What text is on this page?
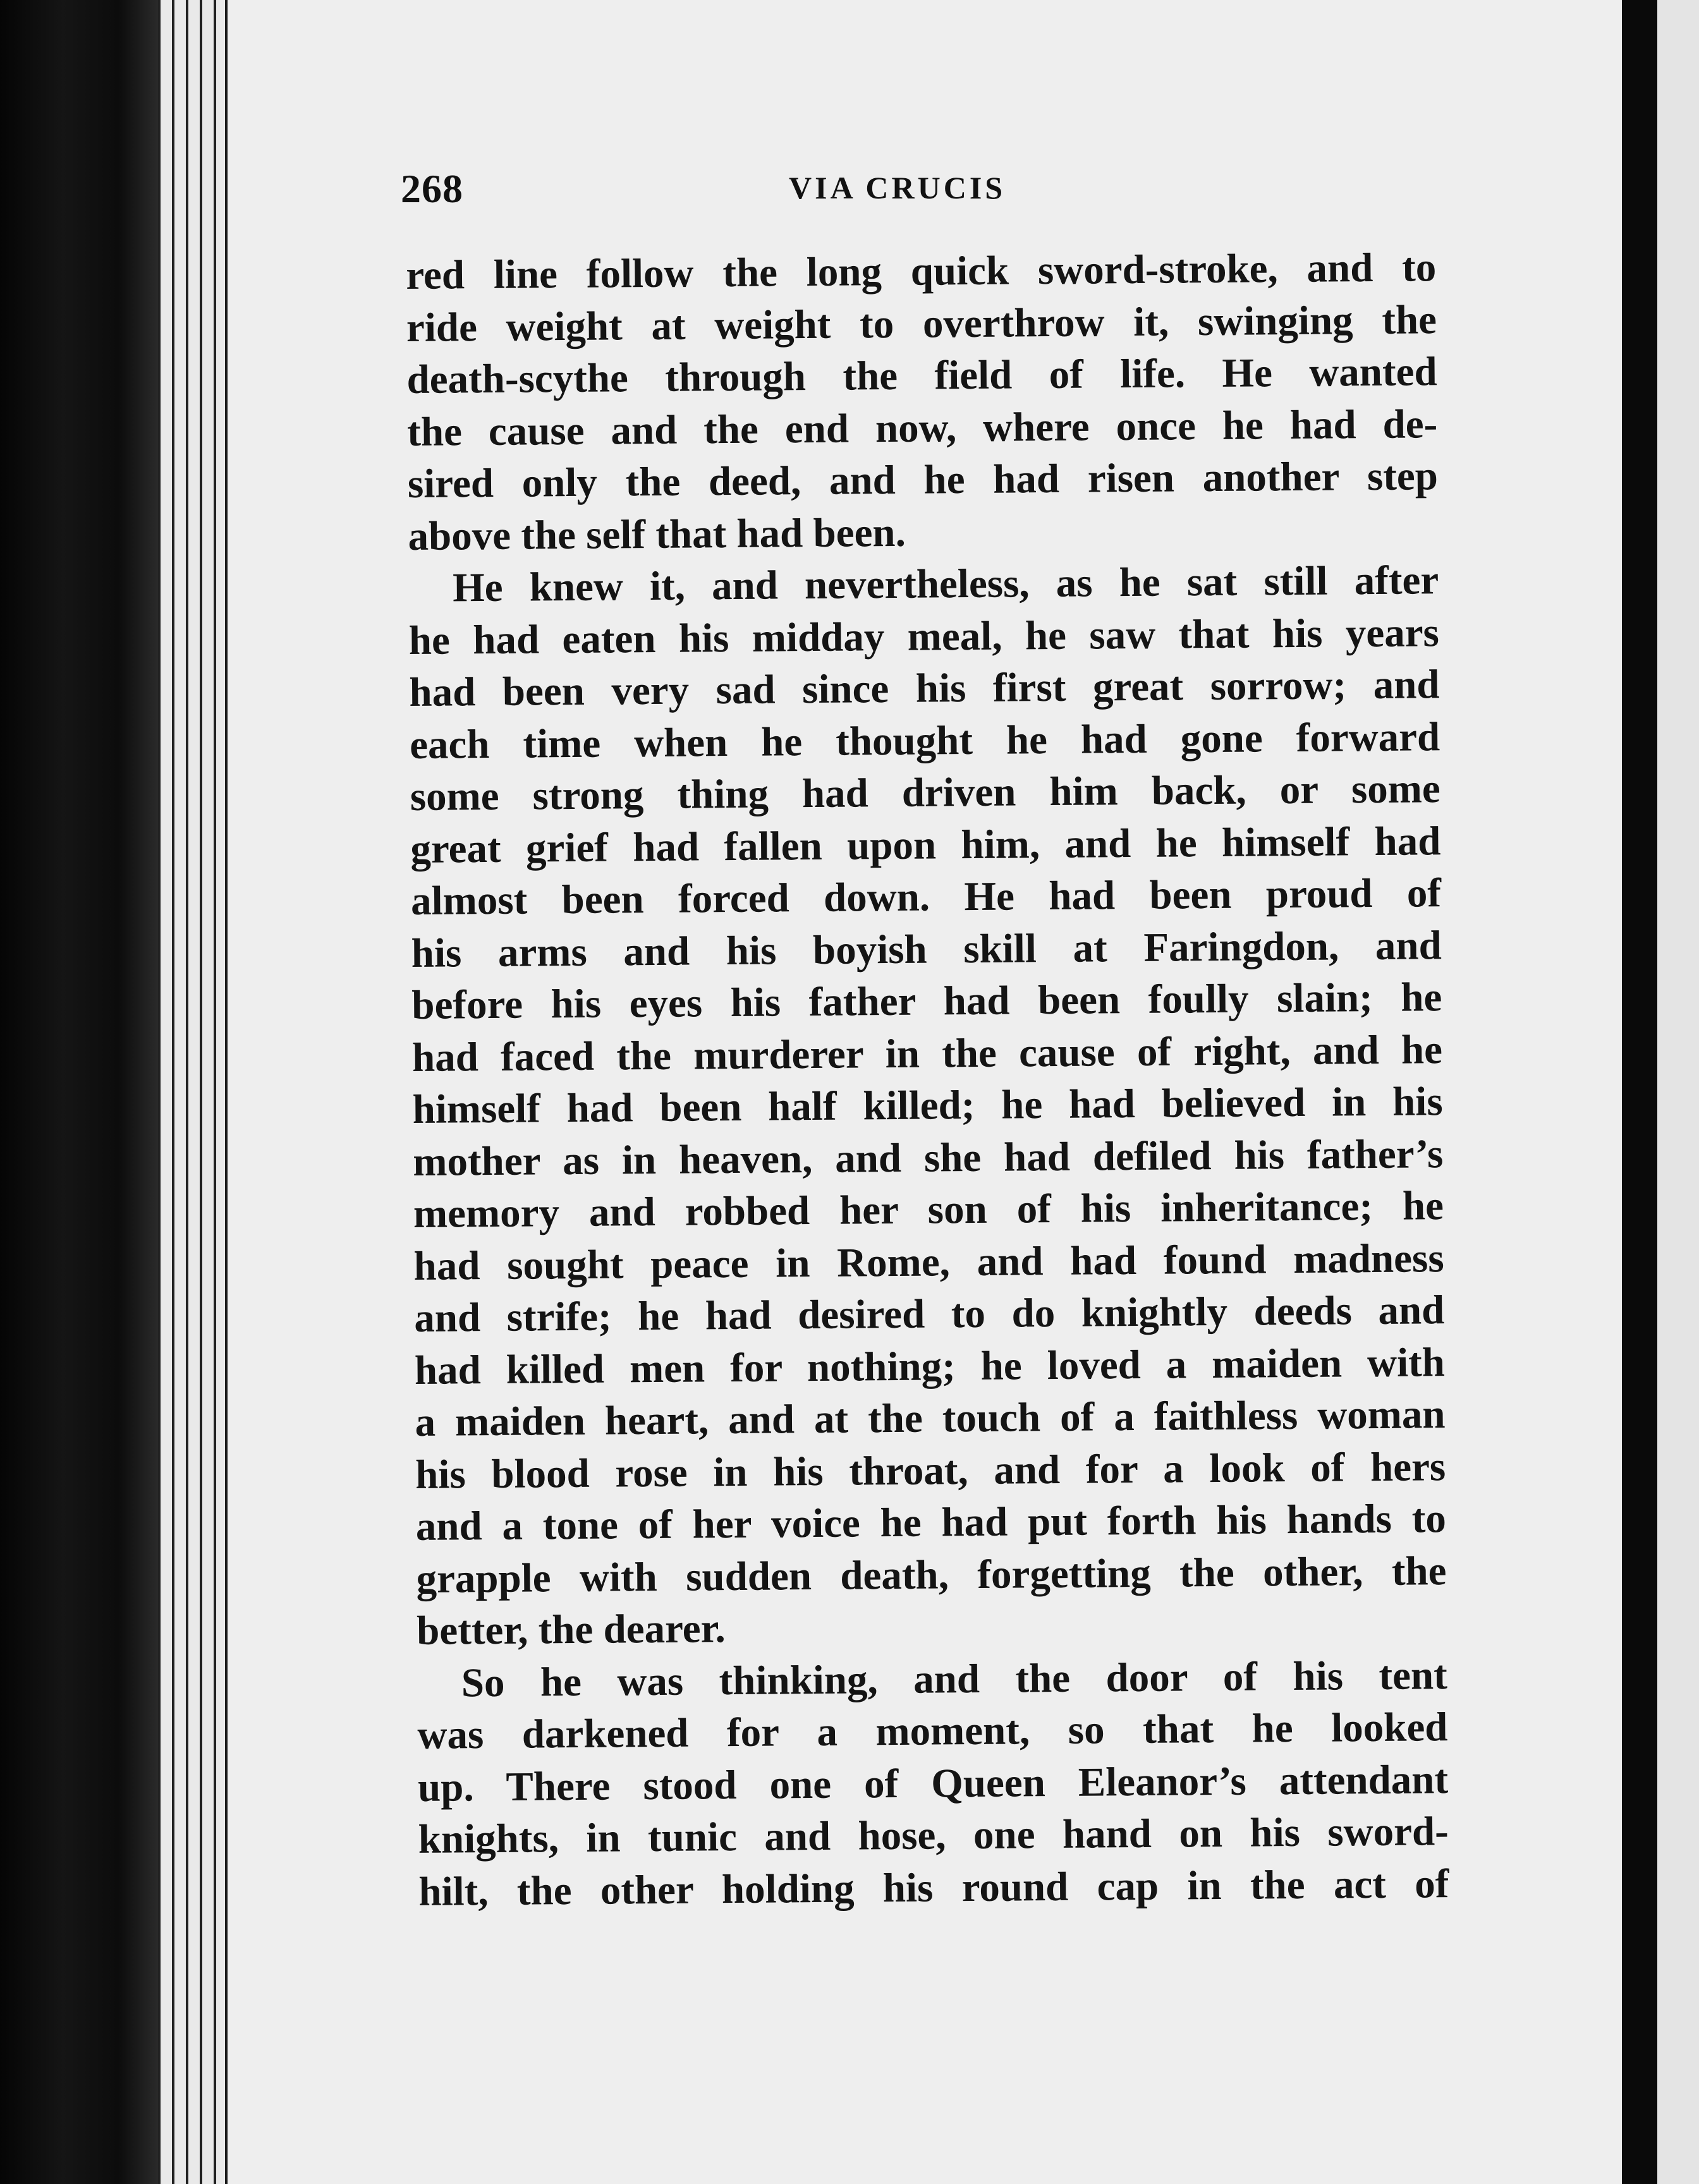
268	VIA CRUCIS
red line follow the long quick sword-stroke, and to
ride weight at weight to overthrow it, swinging the
death-scythe through the field of life. He wanted
the cause and the end now, where once he had de-
sired only the deed, and he had risen another step
above the self that had been.
He knew it, and nevertheless, as he sat still after
he had eaten his midday meal, he saw that his years
had been very sad since his first great sorrow; and
each time when he thought he had gone forward
some strong thing had driven him back, or some
great grief had fallen upon him, and he himself had
almost been forced down. He had been proud of
his arms and his boyish skill at Faringdon, and
before his eyes his father had been foully slain; he
had faced the murderer in the cause of right, and he
himself had been half killed; he had believed in his
mother as in heaven, and she had defiled his father’s
memory and robbed her son of his inheritance; he
had sought peace in Rome, and had found madness
and strife; he had desired to do knightly deeds and
had killed men for nothing; he loved a maiden with
a maiden heart, and at the touch of a faithless woman
his blood rose in his throat, and for a look of hers
and a tone of her voice he had put forth his hands to
grapple with sudden death, forgetting the other, the
better, the dearer.
So he was thinking, and the door of his tent
was darkened for a moment, so that he looked
up. There stood one of Queen Eleanor’s attendant
knights, in tunic and hose, one hand on his sword-
hilt, the other holding his round cap in the act of
